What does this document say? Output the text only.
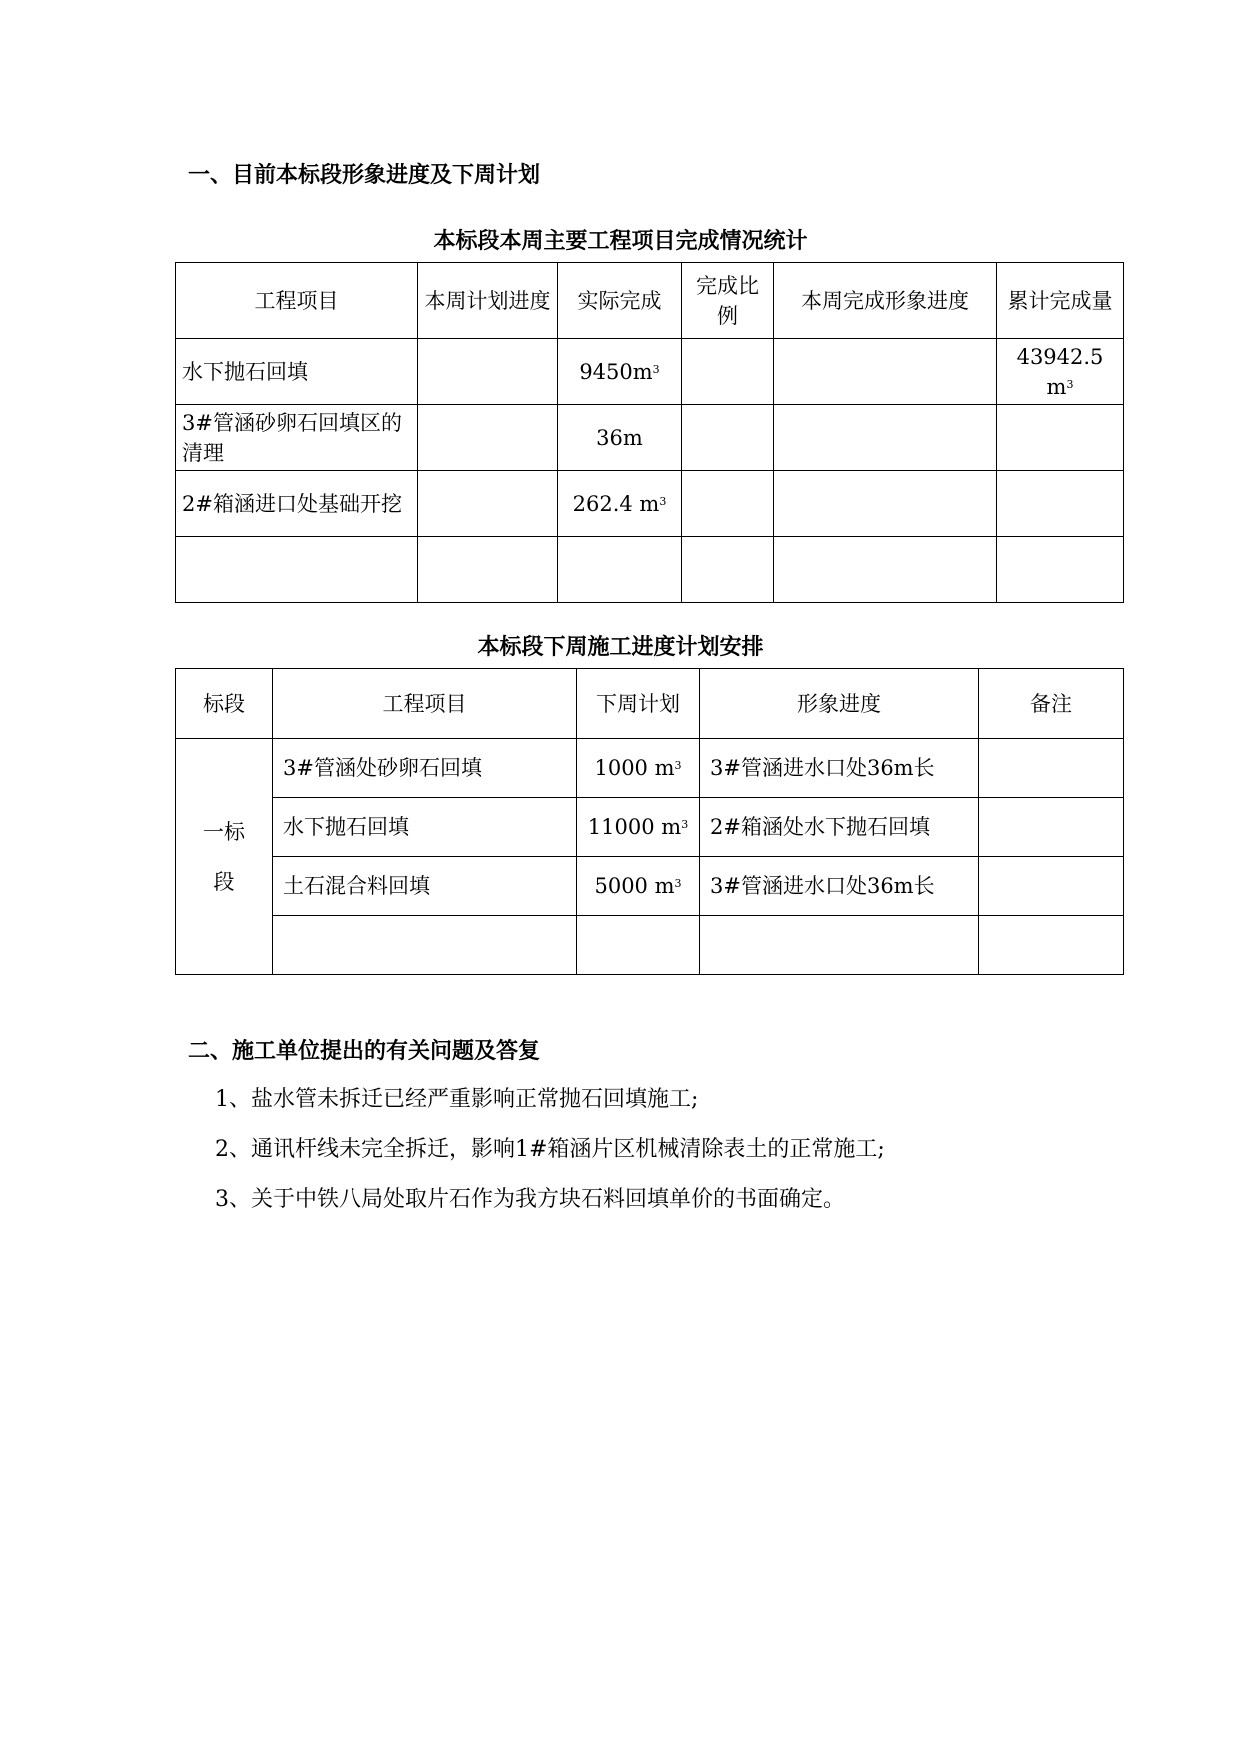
一、目前本标段形象进度及下周计划
本标段本周主要工程项目完成情况统计
工程项目	本周计划进度	实际完成	完成比例	本周完成形象进度	累计完成量
水下抛石回填		$9450m^3$			43942.5
$m^3$
3#管涵砂卵石回填区的清理		36m			
2#箱涵进口处基础开挖		262.4 $m^3$			

本标段下周施工进度计划安排
标段	工程项目	下周计划	形象进度	备注
一标段	3#管涵处砂卵石回填	1000 $m^3$	3#管涵进水口处36m长	
	水下抛石回填	11000 $m^3$	2#箱涵处水下抛石回填	
	土石混合料回填	5000 $m^3$	3#管涵进水口处36m长	

二、施工单位提出的有关问题及答复
1、盐水管未拆迁已经严重影响正常抛石回填施工;
2、通讯杆线未完全拆迁，影响1#箱涵片区机械清除表土的正常施工;
3、关于中铁八局处取片石作为我方块石料回填单价的书面确定。
